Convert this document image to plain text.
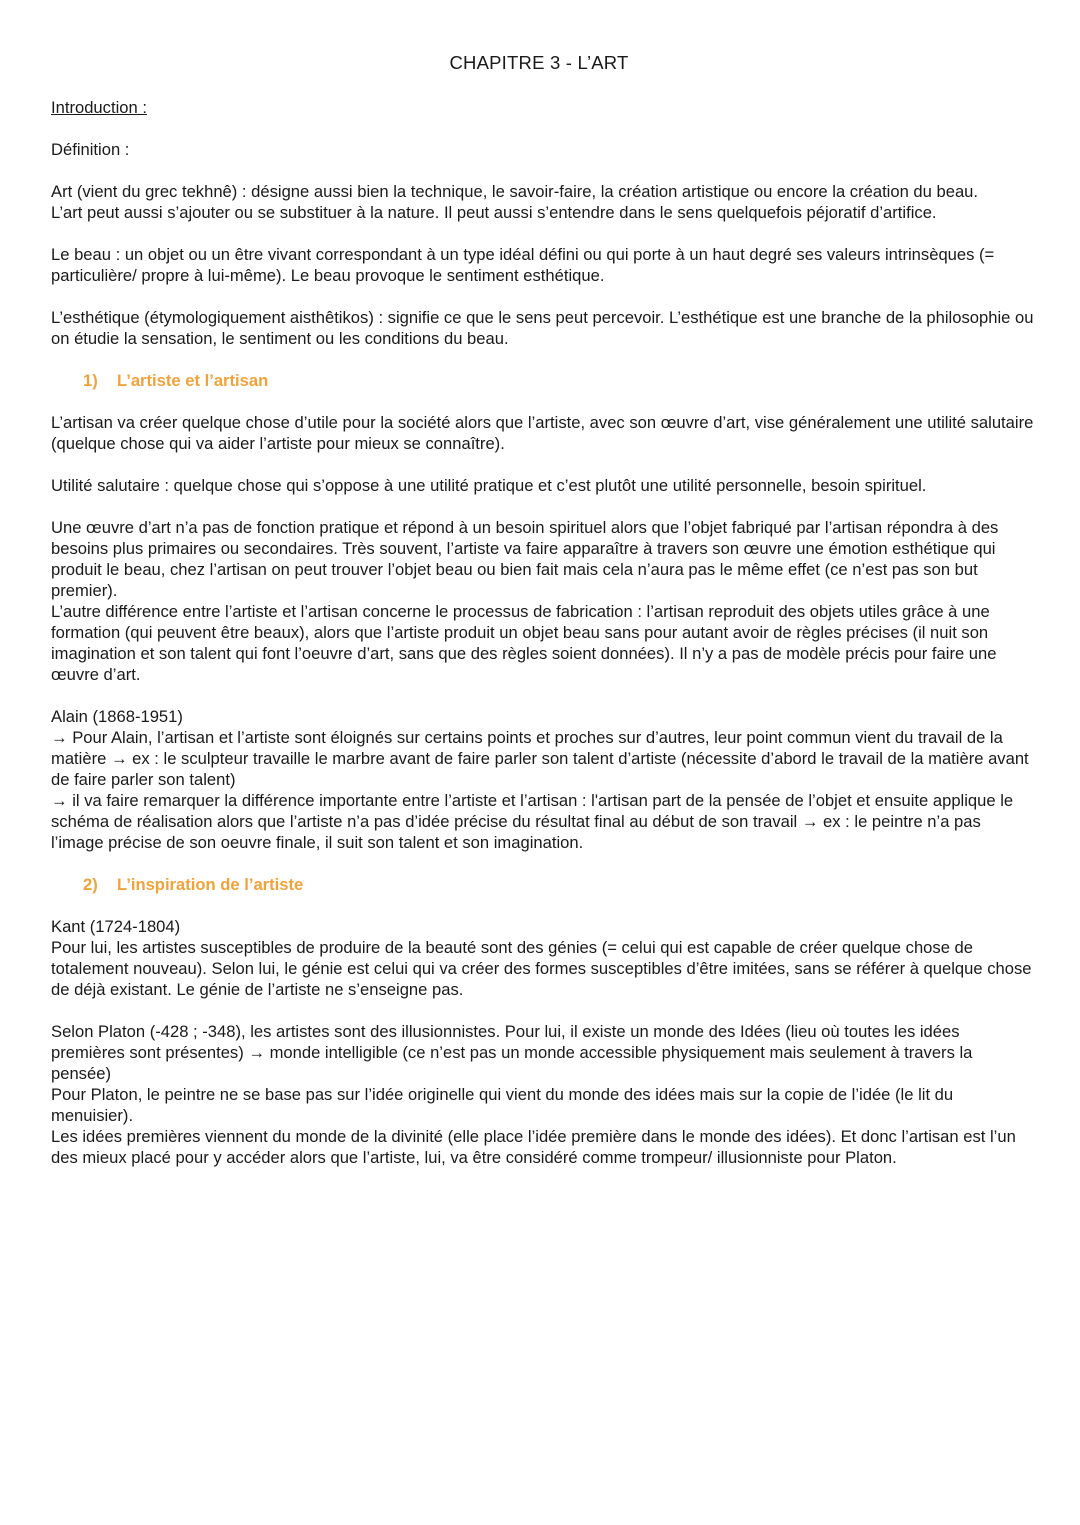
CHAPITRE 3 - L’ART

Introduction :

Définition :

Art (vient du grec tekhnê) : désigne aussi bien la technique, le savoir-faire, la création artistique ou encore la création du beau.

L’art peut aussi s’ajouter ou se substituer à la nature. Il peut aussi s’entendre dans le sens quelquefois péjoratif d’artifice.

Le beau : un objet ou un être vivant correspondant à un type idéal défini ou qui porte à un haut degré ses valeurs intrinsèques (= particulière/ propre à lui-même). Le beau provoque le sentiment esthétique.

L’esthétique (étymologiquement aisthêtikos) : signifie ce que le sens peut percevoir. L’esthétique est une branche de la philosophie ou on étudie la sensation, le sentiment ou les conditions du beau.

1) L’artiste et l’artisan

L’artisan va créer quelque chose d’utile pour la société alors que l’artiste, avec son œuvre d’art, vise généralement une utilité salutaire (quelque chose qui va aider l’artiste pour mieux se connaître).

Utilité salutaire : quelque chose qui s’oppose à une utilité pratique et c’est plutôt une utilité personnelle, besoin spirituel.

Une œuvre d’art n’a pas de fonction pratique et répond à un besoin spirituel alors que l’objet fabriqué par l’artisan répondra à des besoins plus primaires ou secondaires. Très souvent, l’artiste va faire apparaître à travers son œuvre une émotion esthétique qui produit le beau, chez l’artisan on peut trouver l’objet beau ou bien fait mais cela n’aura pas le même effet (ce n’est pas son but premier).

L’autre différence entre l’artiste et l’artisan concerne le processus de fabrication : l’artisan reproduit des objets utiles grâce à une formation (qui peuvent être beaux), alors que l’artiste produit un objet beau sans pour autant avoir de règles précises (il nuit son imagination et son talent qui font l’oeuvre d’art, sans que des règles soient données). Il n’y a pas de modèle précis pour faire une œuvre d’art.

Alain (1868-1951)

→ Pour Alain, l’artisan et l’artiste sont éloignés sur certains points et proches sur d’autres, leur point commun vient du travail de la matière → ex : le sculpteur travaille le marbre avant de faire parler son talent d’artiste (nécessite d’abord le travail de la matière avant de faire parler son talent)

→ il va faire remarquer la différence importante entre l’artiste et l’artisan : l'artisan part de la pensée de l’objet et ensuite applique le schéma de réalisation alors que l’artiste n’a pas d’idée précise du résultat final au début de son travail → ex : le peintre n’a pas l’image précise de son oeuvre finale, il suit son talent et son imagination.

2) L’inspiration de l’artiste

Kant (1724-1804)

Pour lui, les artistes susceptibles de produire de la beauté sont des génies (= celui qui est capable de créer quelque chose de totalement nouveau). Selon lui, le génie est celui qui va créer des formes susceptibles d’être imitées, sans se référer à quelque chose de déjà existant. Le génie de l’artiste ne s’enseigne pas.

Selon Platon (-428 ; -348), les artistes sont des illusionnistes. Pour lui, il existe un monde des Idées (lieu où toutes les idées premières sont présentes) → monde intelligible (ce n’est pas un monde accessible physiquement mais seulement à travers la pensée)

Pour Platon, le peintre ne se base pas sur l’idée originelle qui vient du monde des idées mais sur la copie de l’idée (le lit du menuisier).

Les idées premières viennent du monde de la divinité (elle place l’idée première dans le monde des idées). Et donc l’artisan est l’un des mieux placé pour y accéder alors que l’artiste, lui, va être considéré comme trompeur/ illusionniste pour Platon.
